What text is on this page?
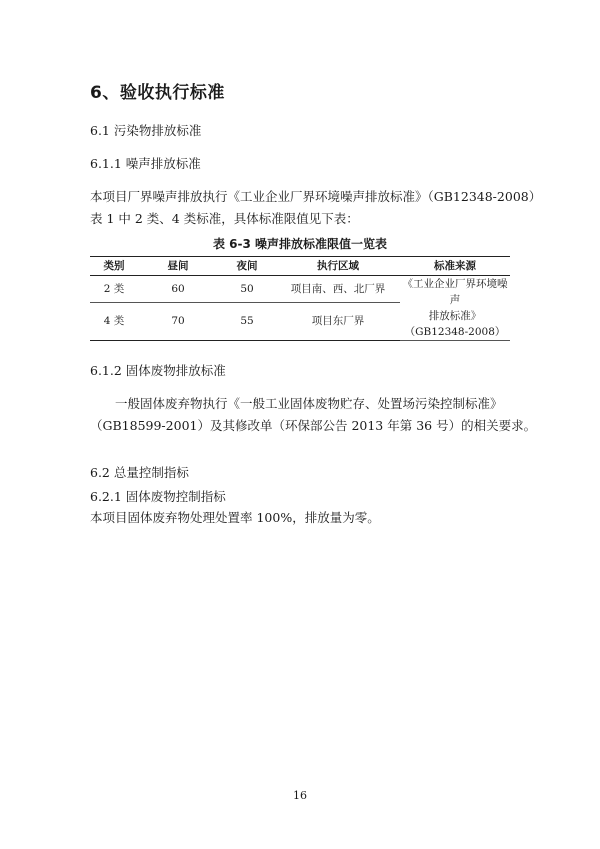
6、验收执行标准
6.1 污染物排放标准
6.1.1 噪声排放标准
本项目厂界噪声排放执行《工业企业厂界环境噪声排放标准》（GB12348-2008）
表 1 中 2 类、4 类标准，具体标准限值见下表：
表 6-3 噪声排放标准限值一览表
类别	昼间	夜间	执行区域	标准来源
2 类	60	50	项目南、西、北厂界	《工业企业厂界环境噪声
排放标准》
（GB12348-2008）

4 类	70	55	项目东厂界	
6.1.2 固体废物排放标准
一般固体废弃物执行《一般工业固体废物贮存、处置场污染控制标准》
（GB18599-2001）及其修改单（环保部公告 2013 年第 36 号）的相关要求。
6.2 总量控制指标
6.2.1 固体废物控制指标
本项目固体废弃物处理处置率 100%，排放量为零。
16
